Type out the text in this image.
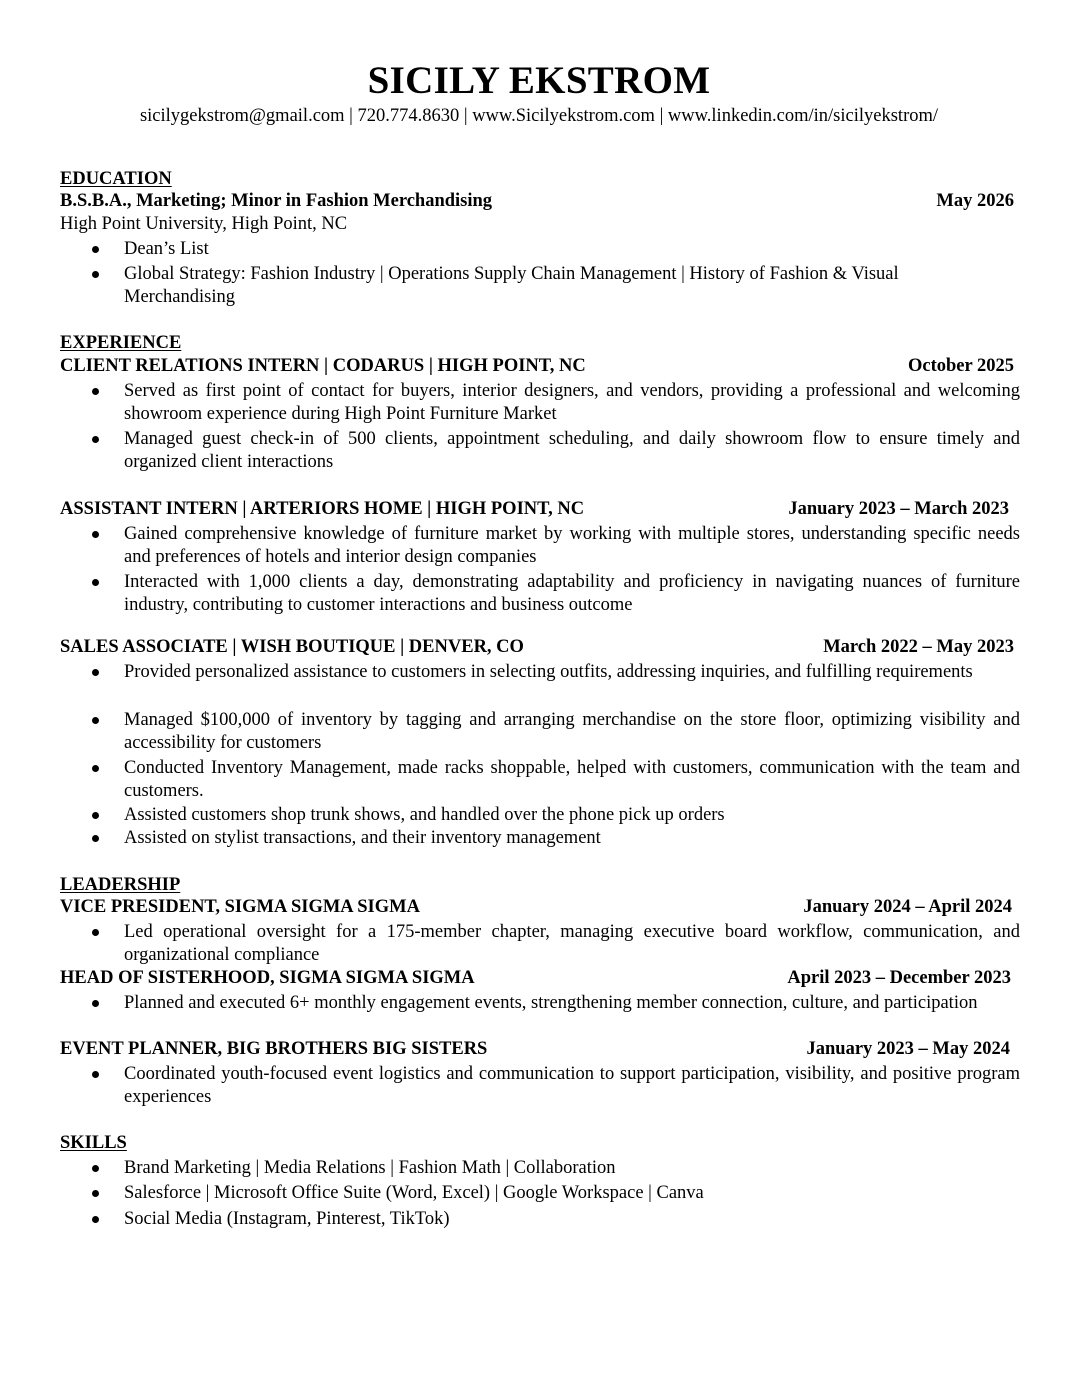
SICILY EKSTROM
sicilygekstrom@gmail.com | 720.774.8630 | www.Sicilyekstrom.com | www.linkedin.com/in/sicilyekstrom/
EDUCATION
B.S.B.A., Marketing; Minor in Fashion Merchandising	May 2026
High Point University, High Point, NC
Dean’s List
Global Strategy: Fashion Industry | Operations Supply Chain Management | History of Fashion & Visual Merchandising
EXPERIENCE
CLIENT RELATIONS INTERN | CODARUS | HIGH POINT, NC	October 2025
Served as first point of contact for buyers, interior designers, and vendors, providing a professional and welcoming showroom experience during High Point Furniture Market
Managed guest check-in of 500 clients, appointment scheduling, and daily showroom flow to ensure timely and organized client interactions
ASSISTANT INTERN | ARTERIORS HOME | HIGH POINT, NC	January 2023 – March 2023
Gained comprehensive knowledge of furniture market by working with multiple stores, understanding specific needs and preferences of hotels and interior design companies
Interacted with 1,000 clients a day, demonstrating adaptability and proficiency in navigating nuances of furniture industry, contributing to customer interactions and business outcome
SALES ASSOCIATE | WISH BOUTIQUE | DENVER, CO	March 2022 – May 2023
Provided personalized assistance to customers in selecting outfits, addressing inquiries, and fulfilling requirements
Managed $100,000 of inventory by tagging and arranging merchandise on the store floor, optimizing visibility and accessibility for customers
Conducted Inventory Management, made racks shoppable, helped with customers, communication with the team and customers.
Assisted customers shop trunk shows, and handled over the phone pick up orders
Assisted on stylist transactions, and their inventory management
LEADERSHIP
VICE PRESIDENT, SIGMA SIGMA SIGMA	January 2024 – April 2024
Led operational oversight for a 175-member chapter, managing executive board workflow, communication, and organizational compliance
HEAD OF SISTERHOOD, SIGMA SIGMA SIGMA	April 2023 – December 2023
Planned and executed 6+ monthly engagement events, strengthening member connection, culture, and participation
EVENT PLANNER, BIG BROTHERS BIG SISTERS	January 2023 – May 2024
Coordinated youth-focused event logistics and communication to support participation, visibility, and positive program experiences
SKILLS
Brand Marketing | Media Relations | Fashion Math | Collaboration
Salesforce | Microsoft Office Suite (Word, Excel) | Google Workspace | Canva
Social Media (Instagram, Pinterest, TikTok)
